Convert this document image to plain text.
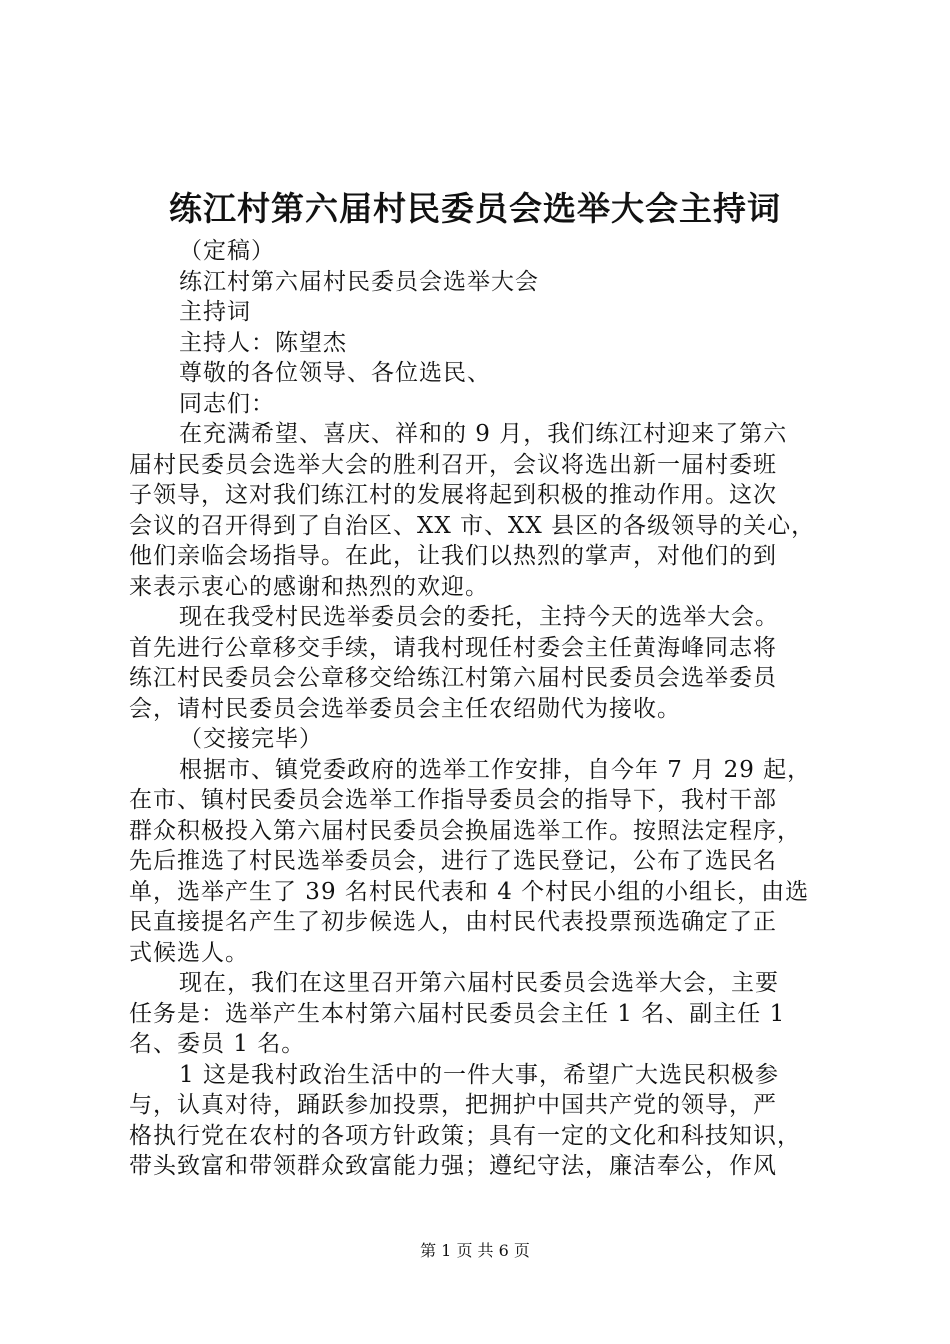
练江村第六届村民委员会选举大会主持词
（定稿）
练江村第六届村民委员会选举大会
主持词
主持人：陈望杰
尊敬的各位领导、各位选民、
同志们：
在充满希望、喜庆、祥和的 9 月，我们练江村迎来了第六
届村民委员会选举大会的胜利召开，会议将选出新一届村委班
子领导，这对我们练江村的发展将起到积极的推动作用。这次
会议的召开得到了自治区、XX 市、XX 县区的各级领导的关心，
他们亲临会场指导。在此，让我们以热烈的掌声，对他们的到
来表示衷心的感谢和热烈的欢迎。
现在我受村民选举委员会的委托，主持今天的选举大会。
首先进行公章移交手续，请我村现任村委会主任黄海峰同志将
练江村民委员会公章移交给练江村第六届村民委员会选举委员
会，请村民委员会选举委员会主任农绍勋代为接收。
（交接完毕）
根据市、镇党委政府的选举工作安排，自今年 7 月 29 起，
在市、镇村民委员会选举工作指导委员会的指导下，我村干部
群众积极投入第六届村民委员会换届选举工作。按照法定程序，
先后推选了村民选举委员会，进行了选民登记，公布了选民名
单，选举产生了 39 名村民代表和 4 个村民小组的小组长，由选
民直接提名产生了初步候选人，由村民代表投票预选确定了正
式候选人。
现在，我们在这里召开第六届村民委员会选举大会，主要
任务是：选举产生本村第六届村民委员会主任 1 名、副主任 1
名、委员 1 名。
1 这是我村政治生活中的一件大事，希望广大选民积极参
与，认真对待，踊跃参加投票，把拥护中国共产党的领导，严
格执行党在农村的各项方针政策；具有一定的文化和科技知识，
带头致富和带领群众致富能力强；遵纪守法，廉洁奉公，作风
第 1 页 共 6 页
